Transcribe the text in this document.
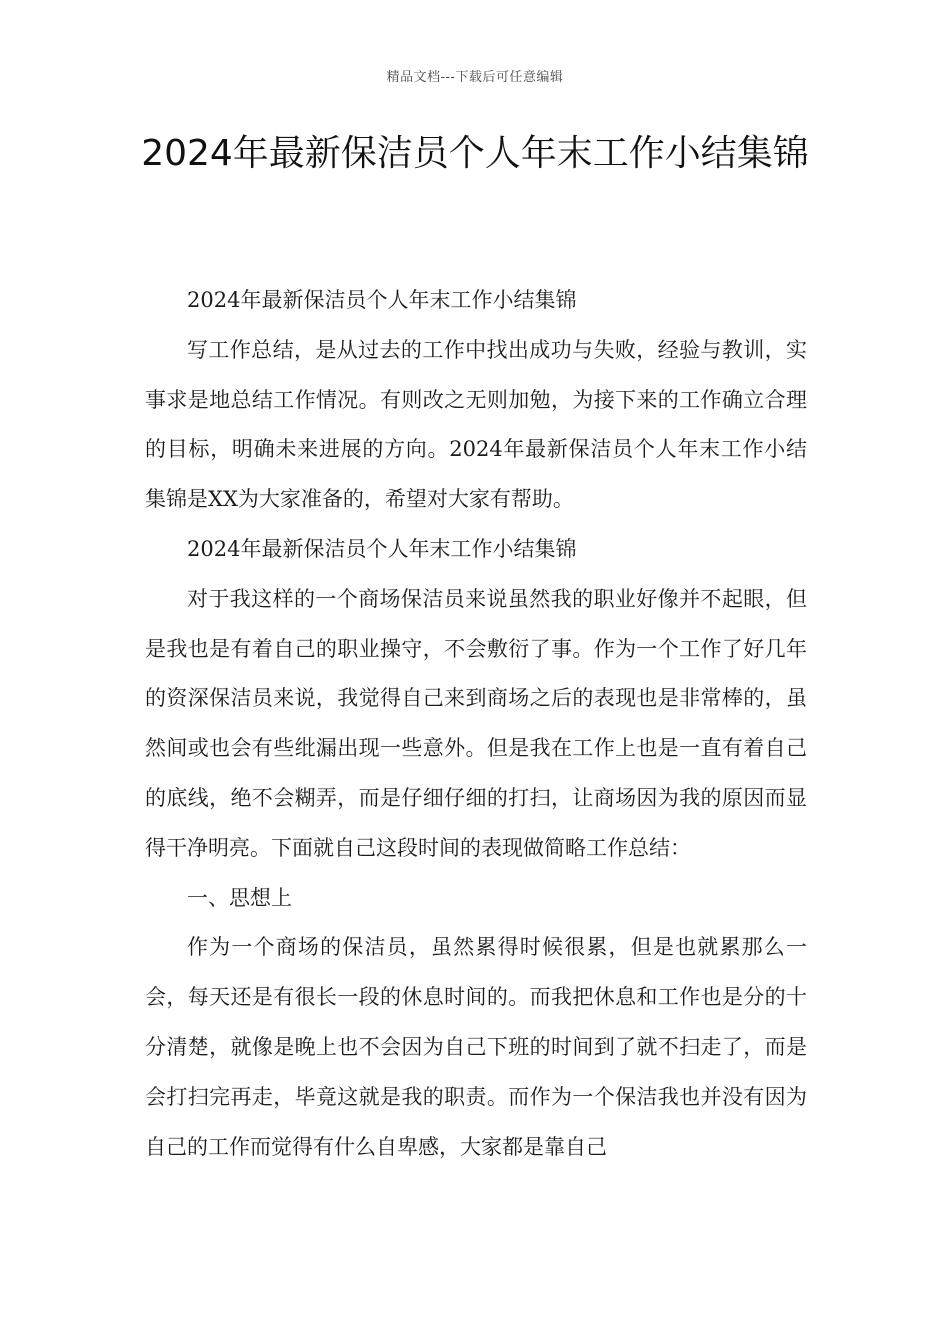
精品文档---下载后可任意编辑
2024年最新保洁员个人年末工作小结集锦

2024年最新保洁员个人年末工作小结集锦

写工作总结，是从过去的工作中找出成功与失败，经验与教训，实事求是地总结工作情况。有则改之无则加勉，为接下来的工作确立合理的目标，明确未来进展的方向。2024年最新保洁员个人年末工作小结集锦是XX为大家准备的，希望对大家有帮助。

2024年最新保洁员个人年末工作小结集锦

对于我这样的一个商场保洁员来说虽然我的职业好像并不起眼，但是我也是有着自己的职业操守，不会敷衍了事。作为一个工作了好几年的资深保洁员来说，我觉得自己来到商场之后的表现也是非常棒的，虽然间或也会有些纰漏出现一些意外。但是我在工作上也是一直有着自己的底线，绝不会糊弄，而是仔细仔细的打扫，让商场因为我的原因而显得干净明亮。下面就自己这段时间的表现做简略工作总结：

一、思想上

作为一个商场的保洁员，虽然累得时候很累，但是也就累那么一会，每天还是有很长一段的休息时间的。而我把休息和工作也是分的十分清楚，就像是晚上也不会因为自己下班的时间到了就不扫走了，而是会打扫完再走，毕竟这就是我的职责。而作为一个保洁我也并没有因为自己的工作而觉得有什么自卑感，大家都是靠自己
